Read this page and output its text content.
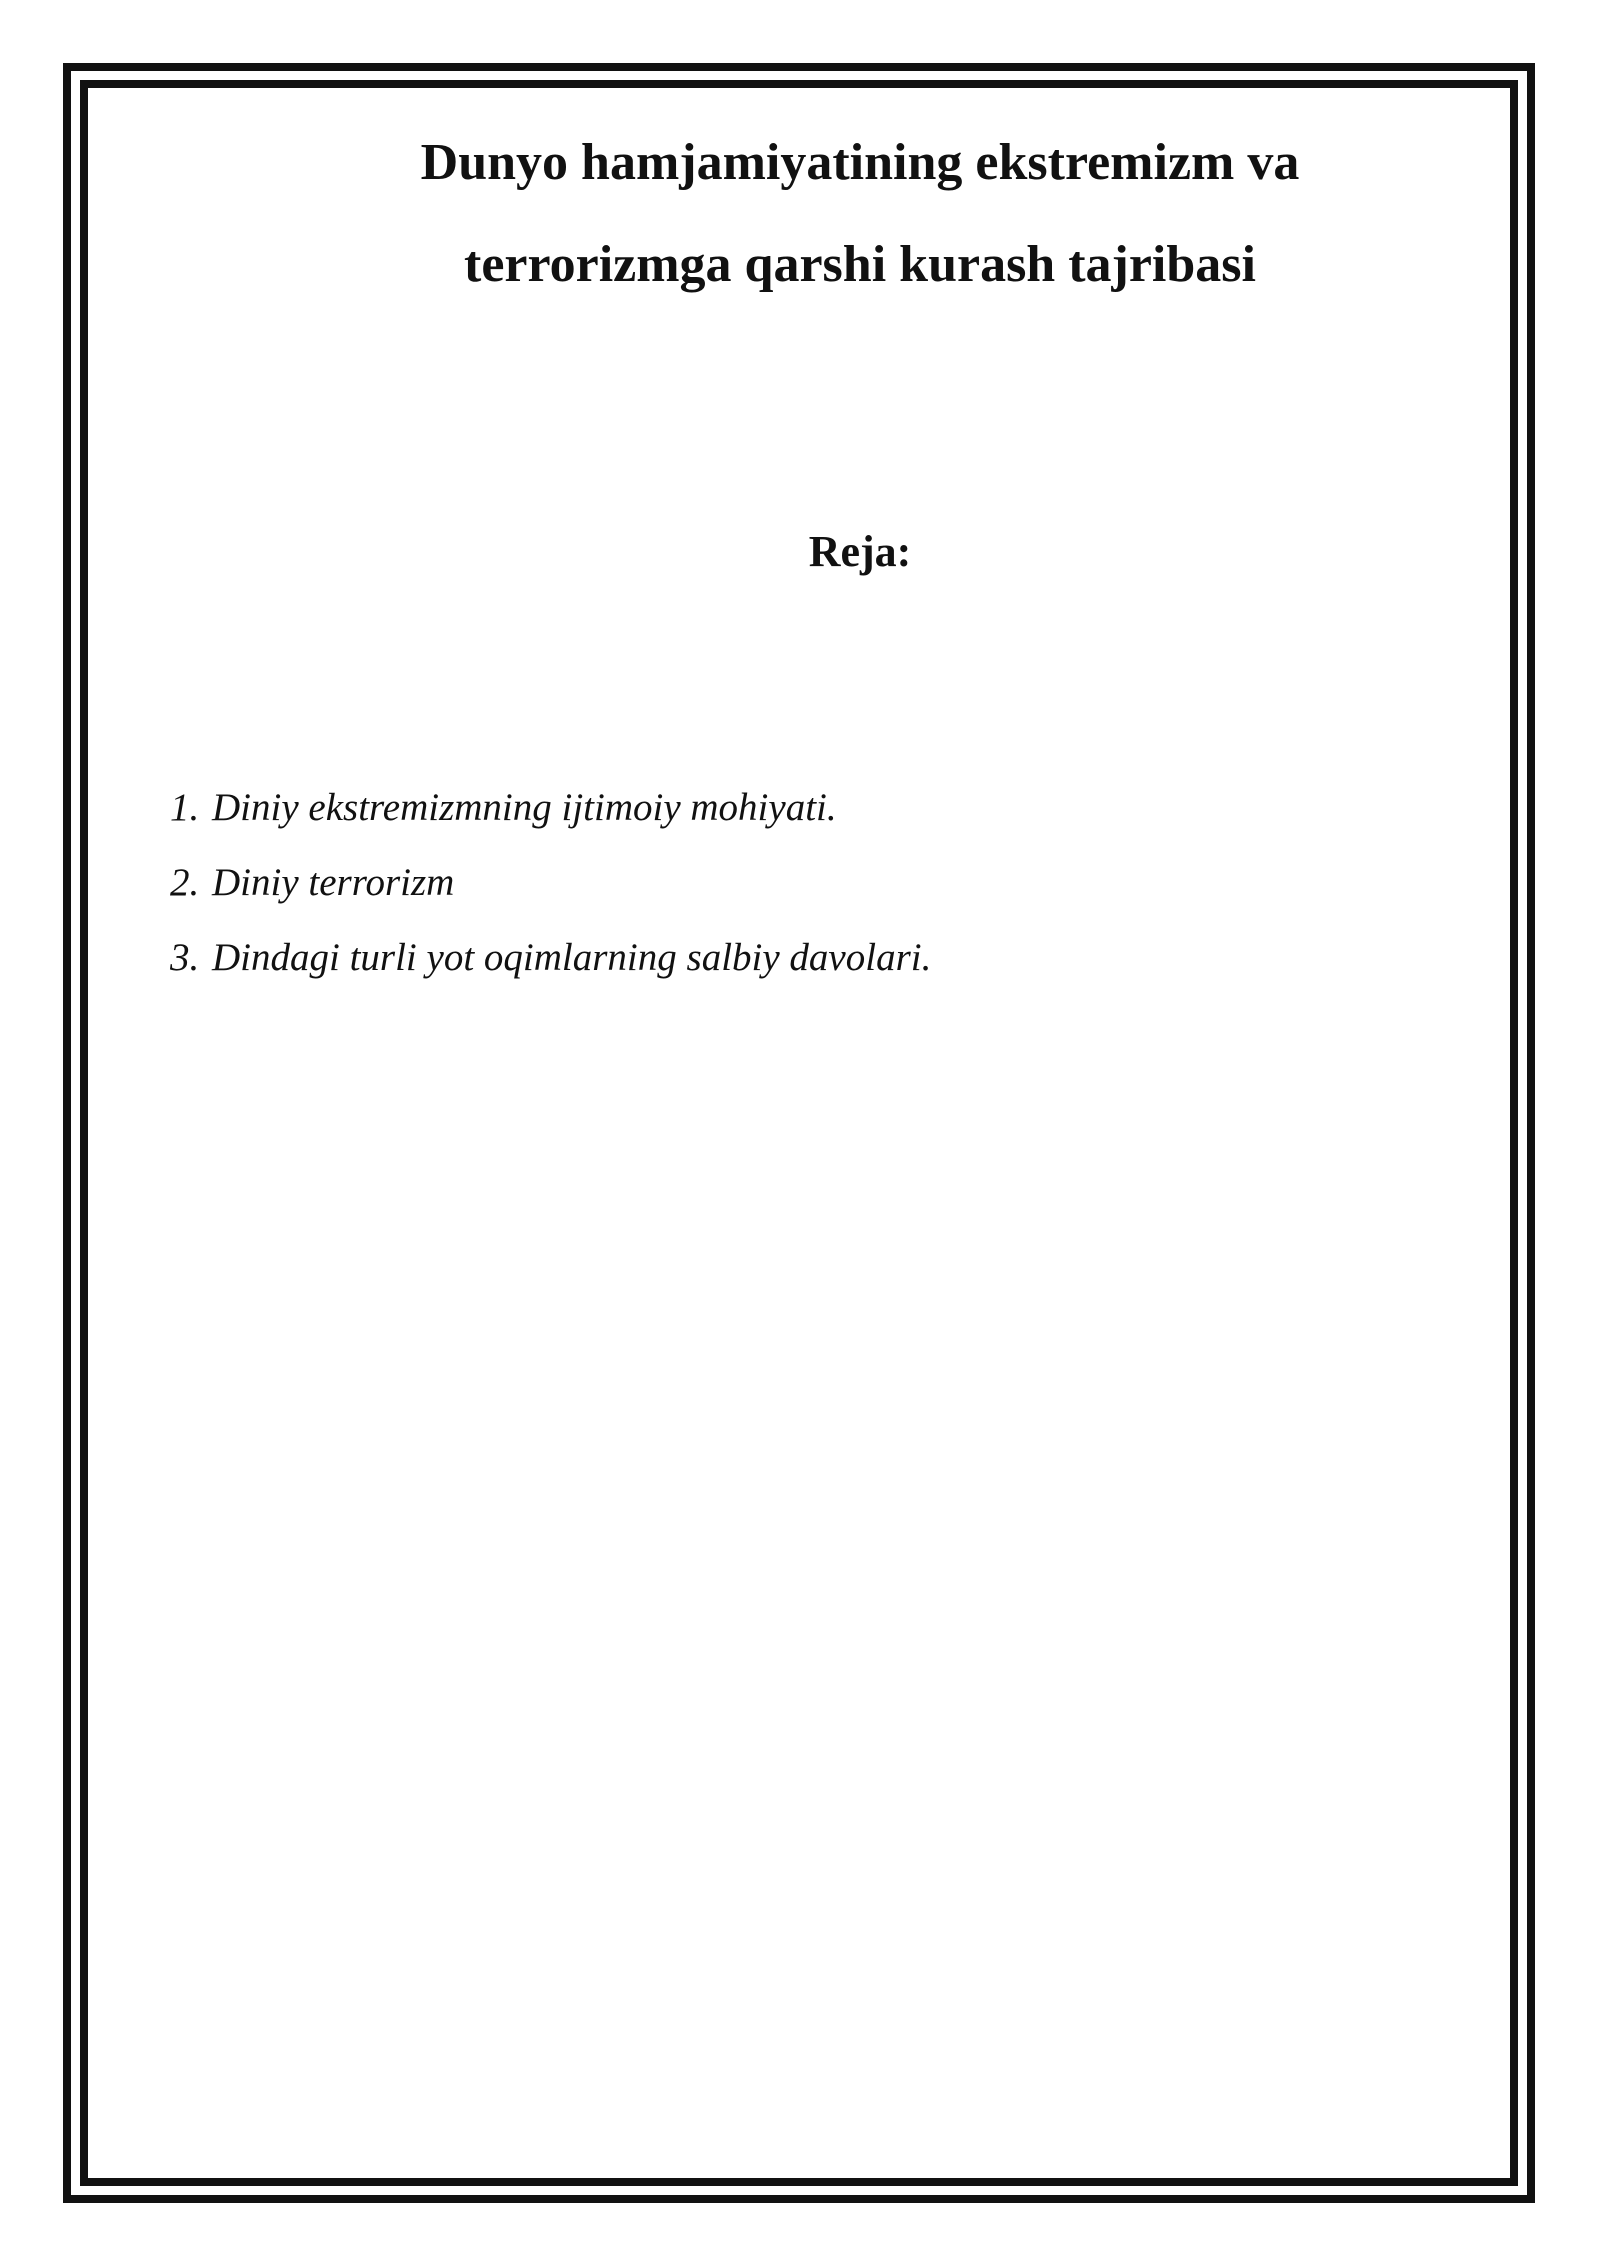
Dunyo hamjamiyatining ekstremizm va
terrorizmga qarshi kurash tajribasi
Reja:
1. Diniy ekstremizmning ijtimoiy mohiyati.
2. Diniy terrorizm
3. Dindagi turli yot oqimlarning salbiy davolari.
